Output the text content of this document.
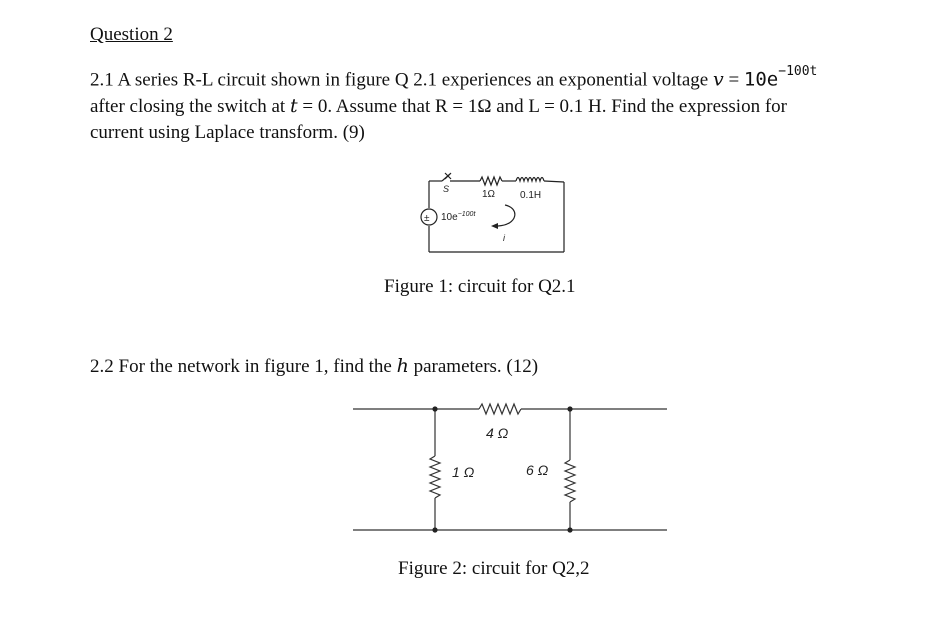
Question 2
2.1 A series R-L circuit shown in figure Q 2.1 experiences an exponential voltage $v = 10e^{-100t}$
after closing the switch at t = 0. Assume that R = 1Ω and L = 0.1 H. Find the expression for
current using Laplace transform. (9)
±
S	1Ω 0.1H
$10e^{-100t}$
i
Figure 1: circuit for Q2.1
2.2 For the network in figure 1, find the h parameters. (12)
4 Ω
1 Ω	6 Ω
Figure 2: circuit for Q2,2
